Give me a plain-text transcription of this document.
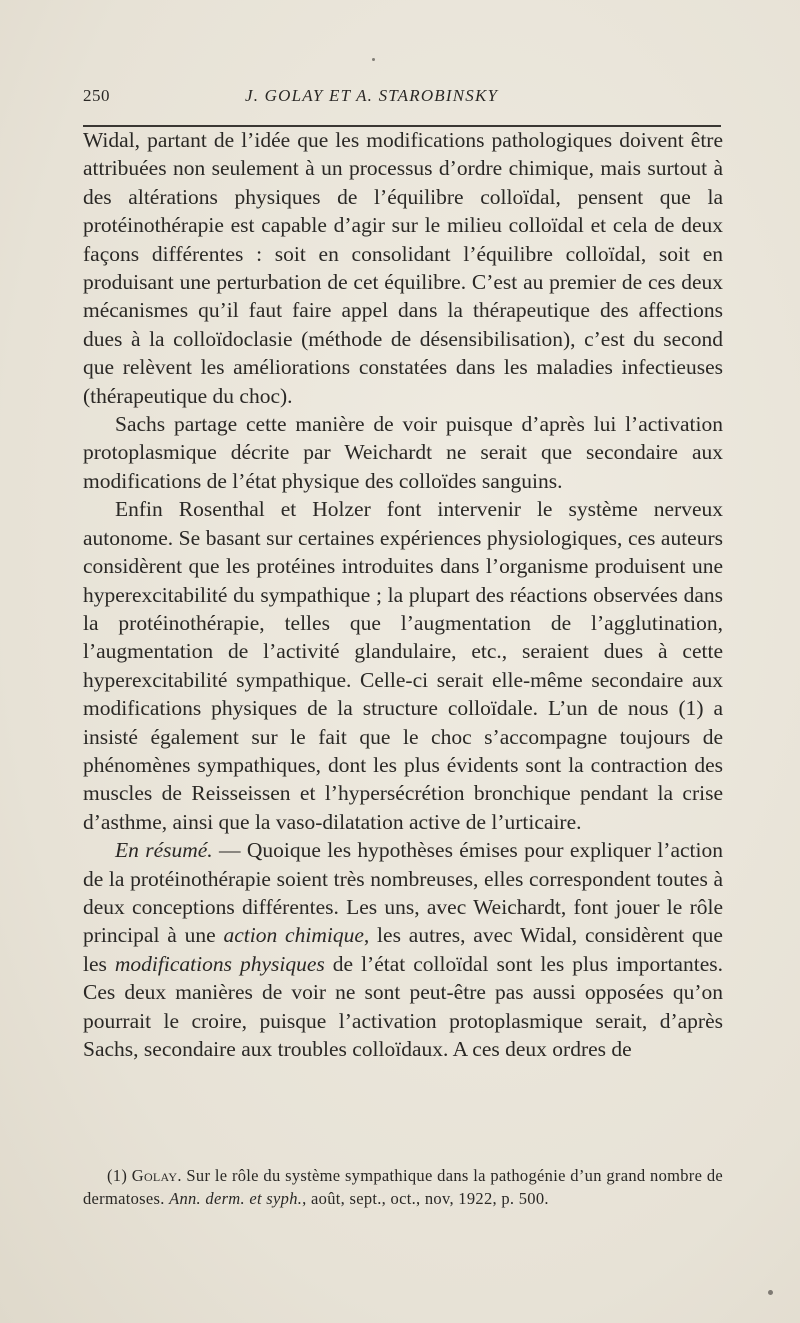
250	J. GOLAY ET A. STAROBINSKY

Widal, partant de l’idée que les modifications pathologiques doivent être attribuées non seulement à un processus d’ordre chimique, mais surtout à des altérations physiques de l’équilibre colloïdal, pensent que la protéinothérapie est capable d’agir sur le milieu colloïdal et cela de deux façons différentes : soit en consolidant l’équilibre colloïdal, soit en produisant une perturbation de cet équilibre. C’est au premier de ces deux mécanismes qu’il faut faire appel dans la thérapeutique des affections dues à la colloïdoclasie (méthode de désensibilisation), c’est du second que relèvent les améliorations constatées dans les maladies infectieuses (thérapeutique du choc).

Sachs partage cette manière de voir puisque d’après lui l’activation protoplasmique décrite par Weichardt ne serait que secondaire aux modifications de l’état physique des colloïdes sanguins.

Enfin Rosenthal et Holzer font intervenir le système nerveux autonome. Se basant sur certaines expériences physiologiques, ces auteurs considèrent que les protéines introduites dans l’organisme produisent une hyperexcitabilité du sympathique ; la plupart des réactions observées dans la protéinothérapie, telles que l’augmentation de l’agglutination, l’augmentation de l’activité glandulaire, etc., seraient dues à cette hyperexcitabilité sympathique. Celle-ci serait elle-même secondaire aux modifications physiques de la structure colloïdale. L’un de nous (1) a insisté également sur le fait que le choc s’accompagne toujours de phénomènes sympathiques, dont les plus évidents sont la contraction des muscles de Reisseissen et l’hypersécrétion bronchique pendant la crise d’asthme, ainsi que la vaso-dilatation active de l’urticaire.

En résumé. — Quoique les hypothèses émises pour expliquer l’action de la protéinothérapie soient très nombreuses, elles correspondent toutes à deux conceptions différentes. Les uns, avec Weichardt, font jouer le rôle principal à une action chimique, les autres, avec Widal, considèrent que les modifications physiques de l’état colloïdal sont les plus importantes. Ces deux manières de voir ne sont peut-être pas aussi opposées qu’on pourrait le croire, puisque l’activation protoplasmique serait, d’après Sachs, secondaire aux troubles colloïdaux. A ces deux ordres de

(1) Golay. Sur le rôle du système sympathique dans la pathogénie d’un grand nombre de dermatoses. Ann. derm. et syph., août, sept., oct., nov, 1922, p. 500.
